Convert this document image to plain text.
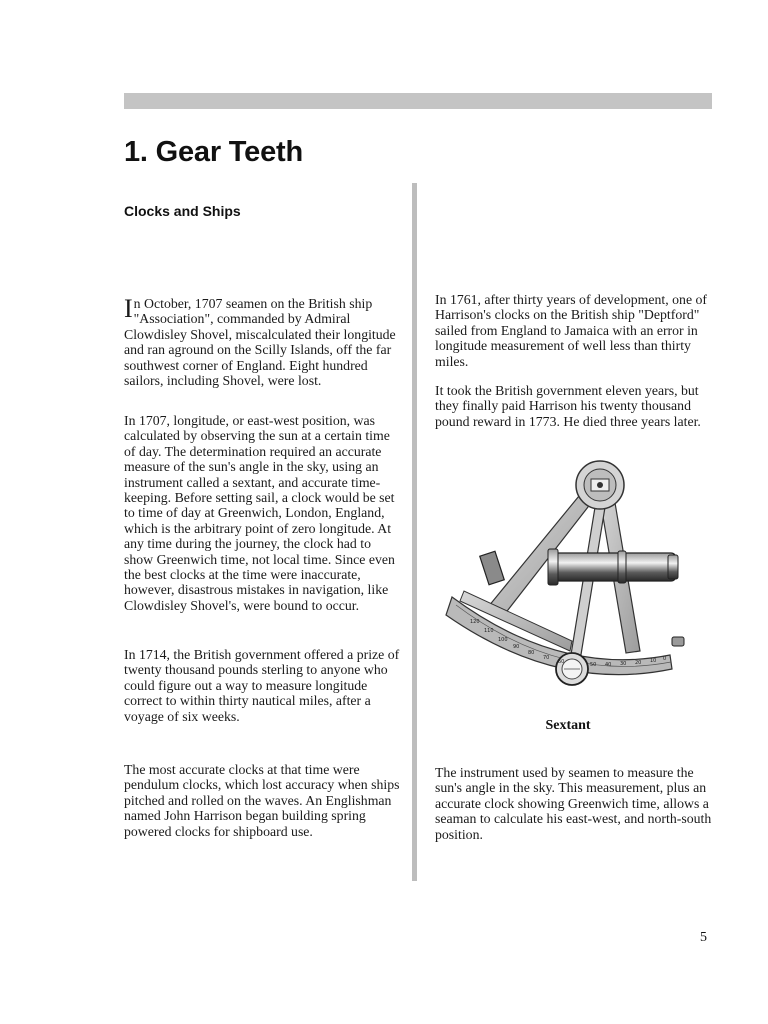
1. Gear Teeth
Clocks and Ships

In October, 1707 seamen on the British ship "Association", commanded by Admiral Clowdisley Shovel, miscalculated their longitude and ran aground on the Scilly Islands, off the far southwest corner of England. Eight hundred sailors, including Shovel, were lost.

In 1707, longitude, or east-west position, was calculated by observing the sun at a certain time of day. The determination required an accurate measure of the sun's angle in the sky, using an instrument called a sextant, and accurate time-keeping. Before setting sail, a clock would be set to time of day at Greenwich, London, England, which is the arbitrary point of zero longitude. At any time during the journey, the clock had to show Greenwich time, not local time. Since even the best clocks at the time were inaccurate, however, disastrous mistakes in navigation, like Clowdisley Shovel's, were bound to occur.

In 1714, the British government offered a prize of twenty thousand pounds sterling to anyone who could figure out a way to measure longitude correct to within thirty nautical miles, after a voyage of six weeks.

The most accurate clocks at that time were pendulum clocks, which lost accuracy when ships pitched and rolled on the waves. An Englishman named John Harrison began building spring powered clocks for shipboard use.

In 1761, after thirty years of development, one of Harrison's clocks on the British ship "Deptford" sailed from England to Jamaica with an error in longitude measurement of well less than thirty miles.

It took the British government eleven years, but they finally paid Harrison his twenty thousand pound reward in 1773. He died three years later.

120
110
100
90
80
70
60	50 40 30 20 10 0

Sextant

The instrument used by seamen to measure the sun's angle in the sky. This measurement, plus an accurate clock showing Greenwich time, allows a seaman to calculate his east-west, and north-south position.

5
